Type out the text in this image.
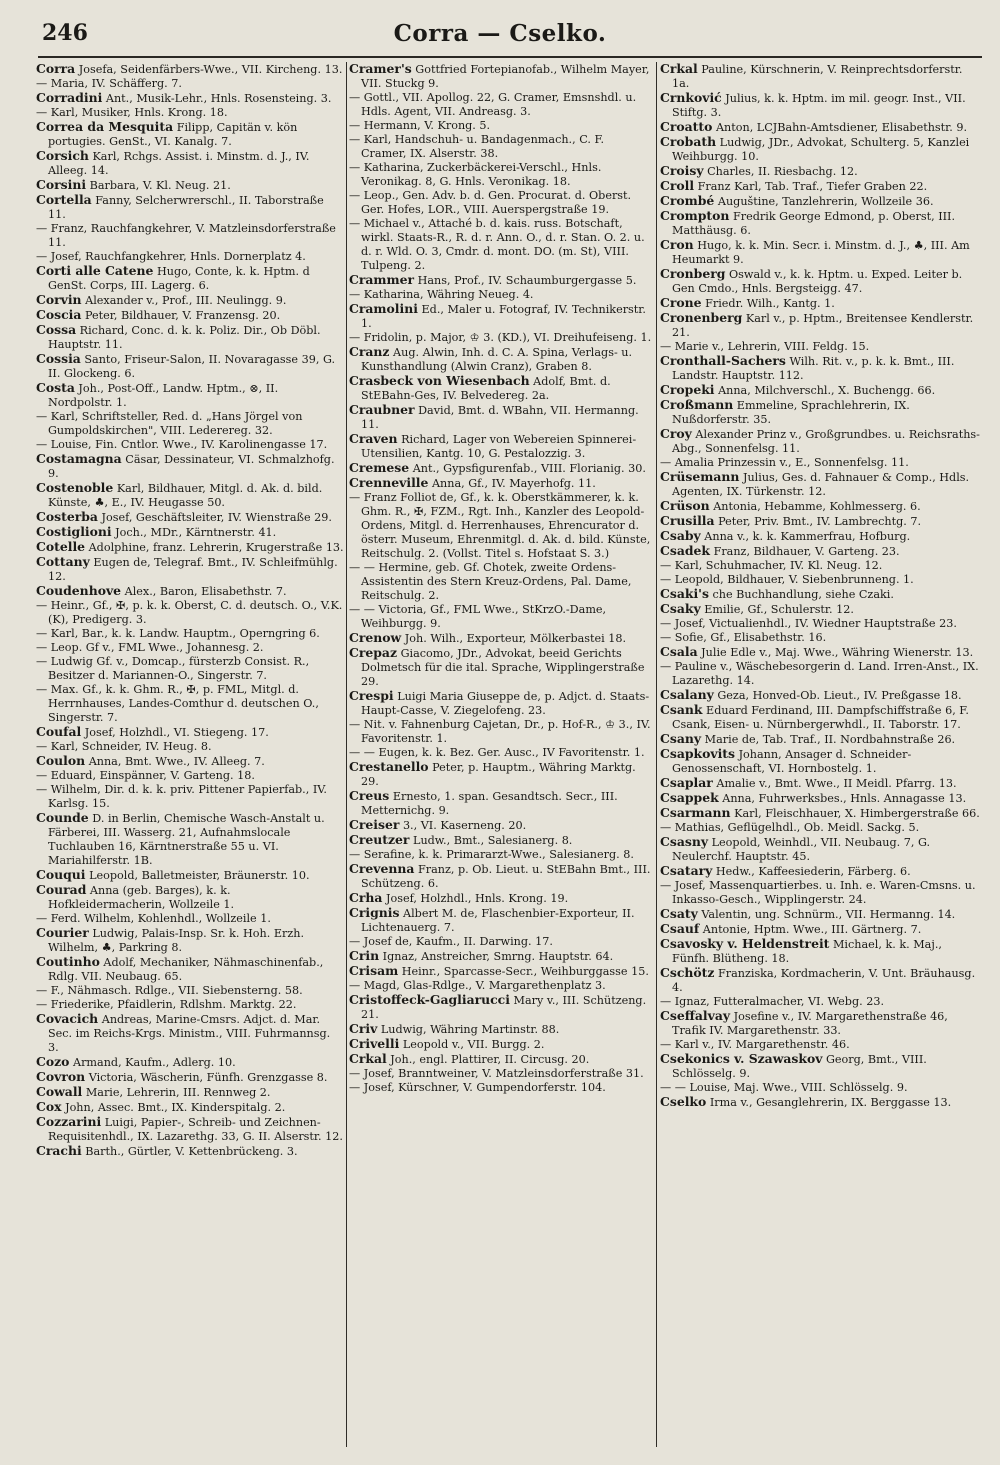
246	Corra — Cselko.

Corra Josefa, Seidenfärbers-Wwe., VII. Kircheng. 13.

— Maria, IV. Schäfferg. 7.

Corradini Ant., Musik-Lehr., Hnls. Rosensteing. 3.

— Karl, Musiker, Hnls. Krong. 18.

Correa da Mesquita Filipp, Capitän v. kön portugies. GenSt., VI. Kanalg. 7.

Corsich Karl, Rchgs. Assist. i. Minstm. d. J., IV. Alleeg. 14.

Corsini Barbara, V. Kl. Neug. 21.

Cortella Fanny, Selcherwrerschl., II. Taborstraße 11.

— Franz, Rauchfangkehrer, V. Matzleinsdorferstraße 11.

— Josef, Rauchfangkehrer, Hnls. Dornerplatz 4.

Corti alle Catene Hugo, Conte, k. k. Hptm. d GenSt. Corps, III. Lagerg. 6.

Corvin Alexander v., Prof., III. Neulingg. 9.

Coscia Peter, Bildhauer, V. Franzensg. 20.

Cossa Richard, Conc. d. k. k. Poliz. Dir., Ob Döbl. Hauptstr. 11.

Cossia Santo, Friseur-Salon, II. Novaragasse 39, G. II. Glockeng. 6.

Costa Joh., Post-Off., Landw. Hptm., ⊗, II. Nordpolstr. 1.

— Karl, Schriftsteller, Red. d. „Hans Jörgel von Gumpoldskirchen", VIII. Lederereg. 32.

— Louise, Fin. Cntlor. Wwe., IV. Karolinengasse 17.

Costamagna Cäsar, Dessinateur, VI. Schmalzhofg. 9.

Costenoble Karl, Bildhauer, Mitgl. d. Ak. d. bild. Künste, ♣, E., IV. Heugasse 50.

Costerba Josef, Geschäftsleiter, IV. Wienstraße 29.

Costiglioni Joch., MDr., Kärntnerstr. 41.

Cotelle Adolphine, franz. Lehrerin, Krugerstraße 13.

Cottany Eugen de, Telegraf. Bmt., IV. Schleifmühlg. 12.

Coudenhove Alex., Baron, Elisabethstr. 7.

— Heinr., Gf., ✠, p. k. k. Oberst, C. d. deutsch. O., V.K. (K), Predigerg. 3.

— Karl, Bar., k. k. Landw. Hauptm., Operngring 6.

— Leop. Gf v., FML Wwe., Johannesg. 2.

— Ludwig Gf. v., Domcap., fürsterzb Consist. R., Besitzer d. Mariannen-O., Singerstr. 7.

— Max. Gf., k. k. Ghm. R., ✠, p. FML, Mitgl. d. Herrnhauses, Landes-Comthur d. deutschen O., Singerstr. 7.

Coufal Josef, Holzhdl., VI. Stiegeng. 17.

— Karl, Schneider, IV. Heug. 8.

Coulon Anna, Bmt. Wwe., IV. Alleeg. 7.

— Eduard, Einspänner, V. Garteng. 18.

— Wilhelm, Dir. d. k. k. priv. Pittener Papierfab., IV. Karlsg. 15.

Counde D. in Berlin, Chemische Wasch-Anstalt u. Färberei, III. Wasserg. 21, Aufnahmslocale Tuchlauben 16, Kärntnerstraße 55 u. VI. Mariahilferstr. 1B.

Couqui Leopold, Balletmeister, Bräunerstr. 10.

Courad Anna (geb. Barges), k. k. Hofkleidermacherin, Wollzeile 1.

— Ferd. Wilhelm, Kohlenhdl., Wollzeile 1.

Courier Ludwig, Palais-Insp. Sr. k. Hoh. Erzh. Wilhelm, ♣, Parkring 8.

Coutinho Adolf, Mechaniker, Nähmaschinenfab., Rdlg. VII. Neubaug. 65.

— F., Nähmasch. Rdlge., VII. Siebensterng. 58.

— Friederike, Pfaidlerin, Rdlshm. Marktg. 22.

Covacich Andreas, Marine-Cmsrs. Adjct. d. Mar. Sec. im Reichs-Krgs. Ministm., VIII. Fuhrmannsg. 3.

Cozo Armand, Kaufm., Adlerg. 10.

Covron Victoria, Wäscherin, Fünfh. Grenzgasse 8.

Cowall Marie, Lehrerin, III. Rennweg 2.

Cox John, Assec. Bmt., IX. Kinderspitalg. 2.

Cozzarini Luigi, Papier-, Schreib- und Zeichnen-Requisitenhdl., IX. Lazarethg. 33, G. II. Alserstr. 12.

Crachi Barth., Gürtler, V. Kettenbrückeng. 3.

Cramer's Gottfried Fortepianofab., Wilhelm Mayer, VII. Stuckg 9.

— Gottl., VII. Apollog. 22, G. Cramer, Emsnshdl. u. Hdls. Agent, VII. Andreasg. 3.

— Hermann, V. Krong. 5.

— Karl, Handschuh- u. Bandagenmach., C. F. Cramer, IX. Alserstr. 38.

— Katharina, Zuckerbäckerei-Verschl., Hnls. Veronikag. 8, G. Hnls. Veronikag. 18.

— Leop., Gen. Adv. b. d. Gen. Procurat. d. Oberst. Ger. Hofes, LOR., VIII. Auerspergstraße 19.

— Michael v., Attaché b. d. kais. russ. Botschaft, wirkl. Staats-R., R. d. r. Ann. O., d. r. Stan. O. 2. u. d. r. Wld. O. 3, Cmdr. d. mont. DO. (m. St), VIII. Tulpeng. 2.

Crammer Hans, Prof., IV. Schaumburgergasse 5.

— Katharina, Währing Neueg. 4.

Cramolini Ed., Maler u. Fotograf, IV. Technikerstr. 1.

— Fridolin, p. Major, ♔ 3. (KD.), VI. Dreihufeiseng. 1.

Cranz Aug. Alwin, Inh. d. C. A. Spina, Verlags- u. Kunsthandlung (Alwin Cranz), Graben 8.

Crasbeck von Wiesenbach Adolf, Bmt. d. StEBahn-Ges, IV. Belvedereg. 2a.

Craubner David, Bmt. d. WBahn, VII. Hermanng. 11.

Craven Richard, Lager von Webereien Spinnerei-Utensilien, Kantg. 10, G. Pestalozzig. 3.

Cremese Ant., Gypsfigurenfab., VIII. Florianig. 30.

Crenneville Anna, Gf., IV. Mayerhofg. 11.

— Franz Folliot de, Gf., k. k. Oberstkämmerer, k. k. Ghm. R., ✠, FZM., Rgt. Inh., Kanzler des Leopold-Ordens, Mitgl. d. Herrenhauses, Ehrencurator d. österr. Museum, Ehrenmitgl. d. Ak. d. bild. Künste, Reitschulg. 2. (Vollst. Titel s. Hofstaat S. 3.)

— — Hermine, geb. Gf. Chotek, zweite Ordens-Assistentin des Stern Kreuz-Ordens, Pal. Dame, Reitschulg. 2.

— — Victoria, Gf., FML Wwe., StKrzO.-Dame, Weihburgg. 9.

Crenow Joh. Wilh., Exporteur, Mölkerbastei 18.

Crepaz Giacomo, JDr., Advokat, beeid Gerichts Dolmetsch für die ital. Sprache, Wipplingerstraße 29.

Crespi Luigi Maria Giuseppe de, p. Adjct. d. Staats-Haupt-Casse, V. Ziegelofeng. 23.

— Nit. v. Fahnenburg Cajetan, Dr., p. Hof-R., ♔ 3., IV. Favoritenstr. 1.

— — Eugen, k. k. Bez. Ger. Ausc., IV Favoritenstr. 1.

Crestanello Peter, p. Hauptm., Währing Marktg. 29.

Creus Ernesto, 1. span. Gesandtsch. Secr., III. Metternichg. 9.

Creiser 3., VI. Kaserneng. 20.

Creutzer Ludw., Bmt., Salesianerg. 8.

— Serafine, k. k. Primararzt-Wwe., Salesianerg. 8.

Crevenna Franz, p. Ob. Lieut. u. StEBahn Bmt., III. Schützeng. 6.

Crha Josef, Holzhdl., Hnls. Krong. 19.

Crignis Albert M. de, Flaschenbier-Exporteur, II. Lichtenauerg. 7.

— Josef de, Kaufm., II. Darwing. 17.

Crin Ignaz, Anstreicher, Smrng. Hauptstr. 64.

Crisam Heinr., Sparcasse-Secr., Weihburggasse 15.

— Magd, Glas-Rdlge., V. Margarethenplatz 3.

Cristoffeck-Gagliarucci Mary v., III. Schützeng. 21.

Criv Ludwig, Währing Martinstr. 88.

Crivelli Leopold v., VII. Burgg. 2.

Crkal Joh., engl. Plattirer, II. Circusg. 20.

— Josef, Branntweiner, V. Matzleinsdorferstraße 31.

— Josef, Kürschner, V. Gumpendorferstr. 104.

Crkal Pauline, Kürschnerin, V. Reinprechtsdorferstr. 1a.

Crnković Julius, k. k. Hptm. im mil. geogr. Inst., VII. Stiftg. 3.

Croatto Anton, LCJBahn-Amtsdiener, Elisabethstr. 9.

Crobath Ludwig, JDr., Advokat, Schulterg. 5, Kanzlei Weihburgg. 10.

Croisy Charles, II. Riesbachg. 12.

Croll Franz Karl, Tab. Traf., Tiefer Graben 22.

Crombé Auguštine, Tanzlehrerin, Wollzeile 36.

Crompton Fredrik George Edmond, p. Oberst, III. Matthäusg. 6.

Cron Hugo, k. k. Min. Secr. i. Minstm. d. J., ♣, III. Am Heumarkt 9.

Cronberg Oswald v., k. k. Hptm. u. Exped. Leiter b. Gen Cmdo., Hnls. Bergsteigg. 47.

Crone Friedr. Wilh., Kantg. 1.

Cronenberg Karl v., p. Hptm., Breitensee Kendlerstr. 21.

— Marie v., Lehrerin, VIII. Feldg. 15.

Cronthall-Sachers Wilh. Rit. v., p. k. k. Bmt., III. Landstr. Hauptstr. 112.

Cropeki Anna, Milchverschl., X. Buchengg. 66.

Croßmann Emmeline, Sprachlehrerin, IX. Nußdorferstr. 35.

Croy Alexander Prinz v., Großgrundbes. u. Reichsraths-Abg., Sonnenfelsg. 11.

— Amalia Prinzessin v., E., Sonnenfelsg. 11.

Crüsemann Julius, Ges. d. Fahnauer & Comp., Hdls. Agenten, IX. Türkenstr. 12.

Crüson Antonia, Hebamme, Kohlmesserg. 6.

Crusilla Peter, Priv. Bmt., IV. Lambrechtg. 7.

Csaby Anna v., k. k. Kammerfrau, Hofburg.

Csadek Franz, Bildhauer, V. Garteng. 23.

— Karl, Schuhmacher, IV. Kl. Neug. 12.

— Leopold, Bildhauer, V. Siebenbrunneng. 1.

Csaki's che Buchhandlung, siehe Czaki.

Csaky Emilie, Gf., Schulerstr. 12.

— Josef, Victualienhdl., IV. Wiedner Hauptstraße 23.

— Sofie, Gf., Elisabethstr. 16.

Csala Julie Edle v., Maj. Wwe., Währing Wienerstr. 13.

— Pauline v., Wäschebesorgerin d. Land. Irren-Anst., IX. Lazarethg. 14.

Csalany Geza, Honved-Ob. Lieut., IV. Preßgasse 18.

Csank Eduard Ferdinand, III. Dampfschiffstraße 6, F. Csank, Eisen- u. Nürnbergerwhdl., II. Taborstr. 17.

Csany Marie de, Tab. Traf., II. Nordbahnstraße 26.

Csapkovits Johann, Ansager d. Schneider-Genossenschaft, VI. Hornbostelg. 1.

Csaplar Amalie v., Bmt. Wwe., II Meidl. Pfarrg. 13.

Csappek Anna, Fuhrwerksbes., Hnls. Annagasse 13.

Csarmann Karl, Fleischhauer, X. Himbergerstraße 66.

— Mathias, Geflügelhdl., Ob. Meidl. Sackg. 5.

Csasny Leopold, Weinhdl., VII. Neubaug. 7, G. Neulerchf. Hauptstr. 45.

Csatary Hedw., Kaffeesiederin, Färberg. 6.

— Josef, Massenquartierbes. u. Inh. e. Waren-Cmsns. u. Inkasso-Gesch., Wipplingerstr. 24.

Csaty Valentin, ung. Schnürm., VII. Hermanng. 14.

Csauf Antonie, Hptm. Wwe., III. Gärtnerg. 7.

Csavosky v. Heldenstreit Michael, k. k. Maj., Fünfh. Blütheng. 18.

Cschötz Franziska, Kordmacherin, V. Unt. Bräuhausg. 4.

— Ignaz, Futteralmacher, VI. Webg. 23.

Cseffalvay Josefine v., IV. Margarethenstraße 46, Trafik IV. Margarethenstr. 33.

— Karl v., IV. Margarethenstr. 46.

Csekonics v. Szawaskov Georg, Bmt., VIII. Schlösselg. 9.

— — Louise, Maj. Wwe., VIII. Schlösselg. 9.

Cselko Irma v., Gesanglehrerin, IX. Berggasse 13.
